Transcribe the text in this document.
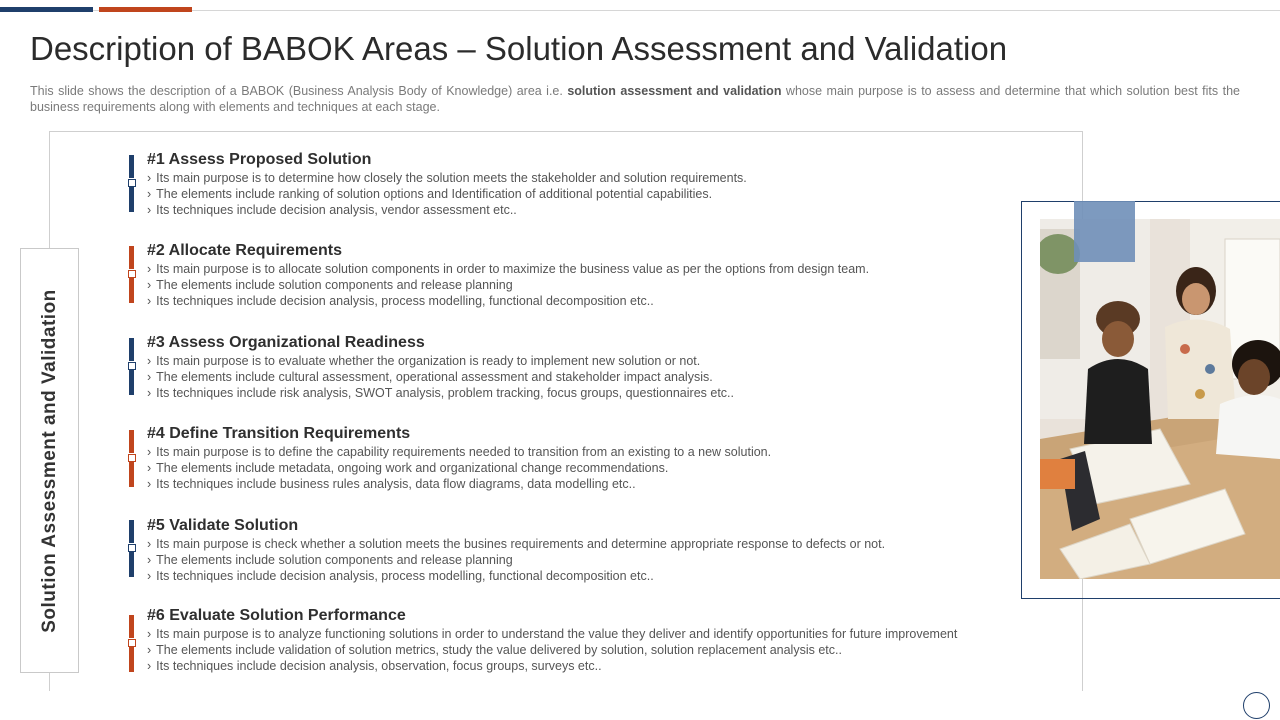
Description of BABOK Areas – Solution Assessment and Validation

This slide shows the description of a BABOK (Business Analysis Body of Knowledge) area i.e. solution assessment and validation whose main purpose is to assess and determine that which solution best fits the business requirements along with elements and techniques at each stage.

Solution Assessment and Validation
#1 Assess Proposed Solution
› Its main purpose is to determine how closely the solution meets the stakeholder and solution requirements.
› The elements include ranking of solution options and Identification of additional potential capabilities.
› Its techniques include decision analysis, vendor assessment etc..
#2 Allocate Requirements
› Its main purpose is to allocate solution components in order to maximize the business value as per the options from design team.
› The elements include solution components and release planning
› Its techniques include decision analysis, process modelling, functional decomposition etc..
#3 Assess Organizational Readiness
› Its main purpose is to evaluate whether the organization is ready to implement new solution or not.
› The elements include cultural assessment, operational assessment and stakeholder impact analysis.
› Its techniques include risk analysis, SWOT analysis, problem tracking, focus groups, questionnaires etc..
#4 Define Transition Requirements
› Its main purpose is to define the capability requirements needed to transition from an existing to a new solution.
› The elements include metadata, ongoing work and organizational change recommendations.
› Its techniques include business rules analysis, data flow diagrams, data modelling etc..
#5 Validate Solution
› Its main purpose is check whether a solution meets the busines requirements and determine appropriate response to defects or not.
› The elements include solution components and release planning
› Its techniques include decision analysis, process modelling, functional decomposition etc..
#6 Evaluate Solution Performance
› Its main purpose is to analyze functioning solutions in order to understand the value they deliver and identify opportunities for future improvement
› The elements include validation of solution metrics, study the value delivered by solution, solution replacement analysis etc..
› Its techniques include decision analysis, observation, focus groups, surveys etc..
